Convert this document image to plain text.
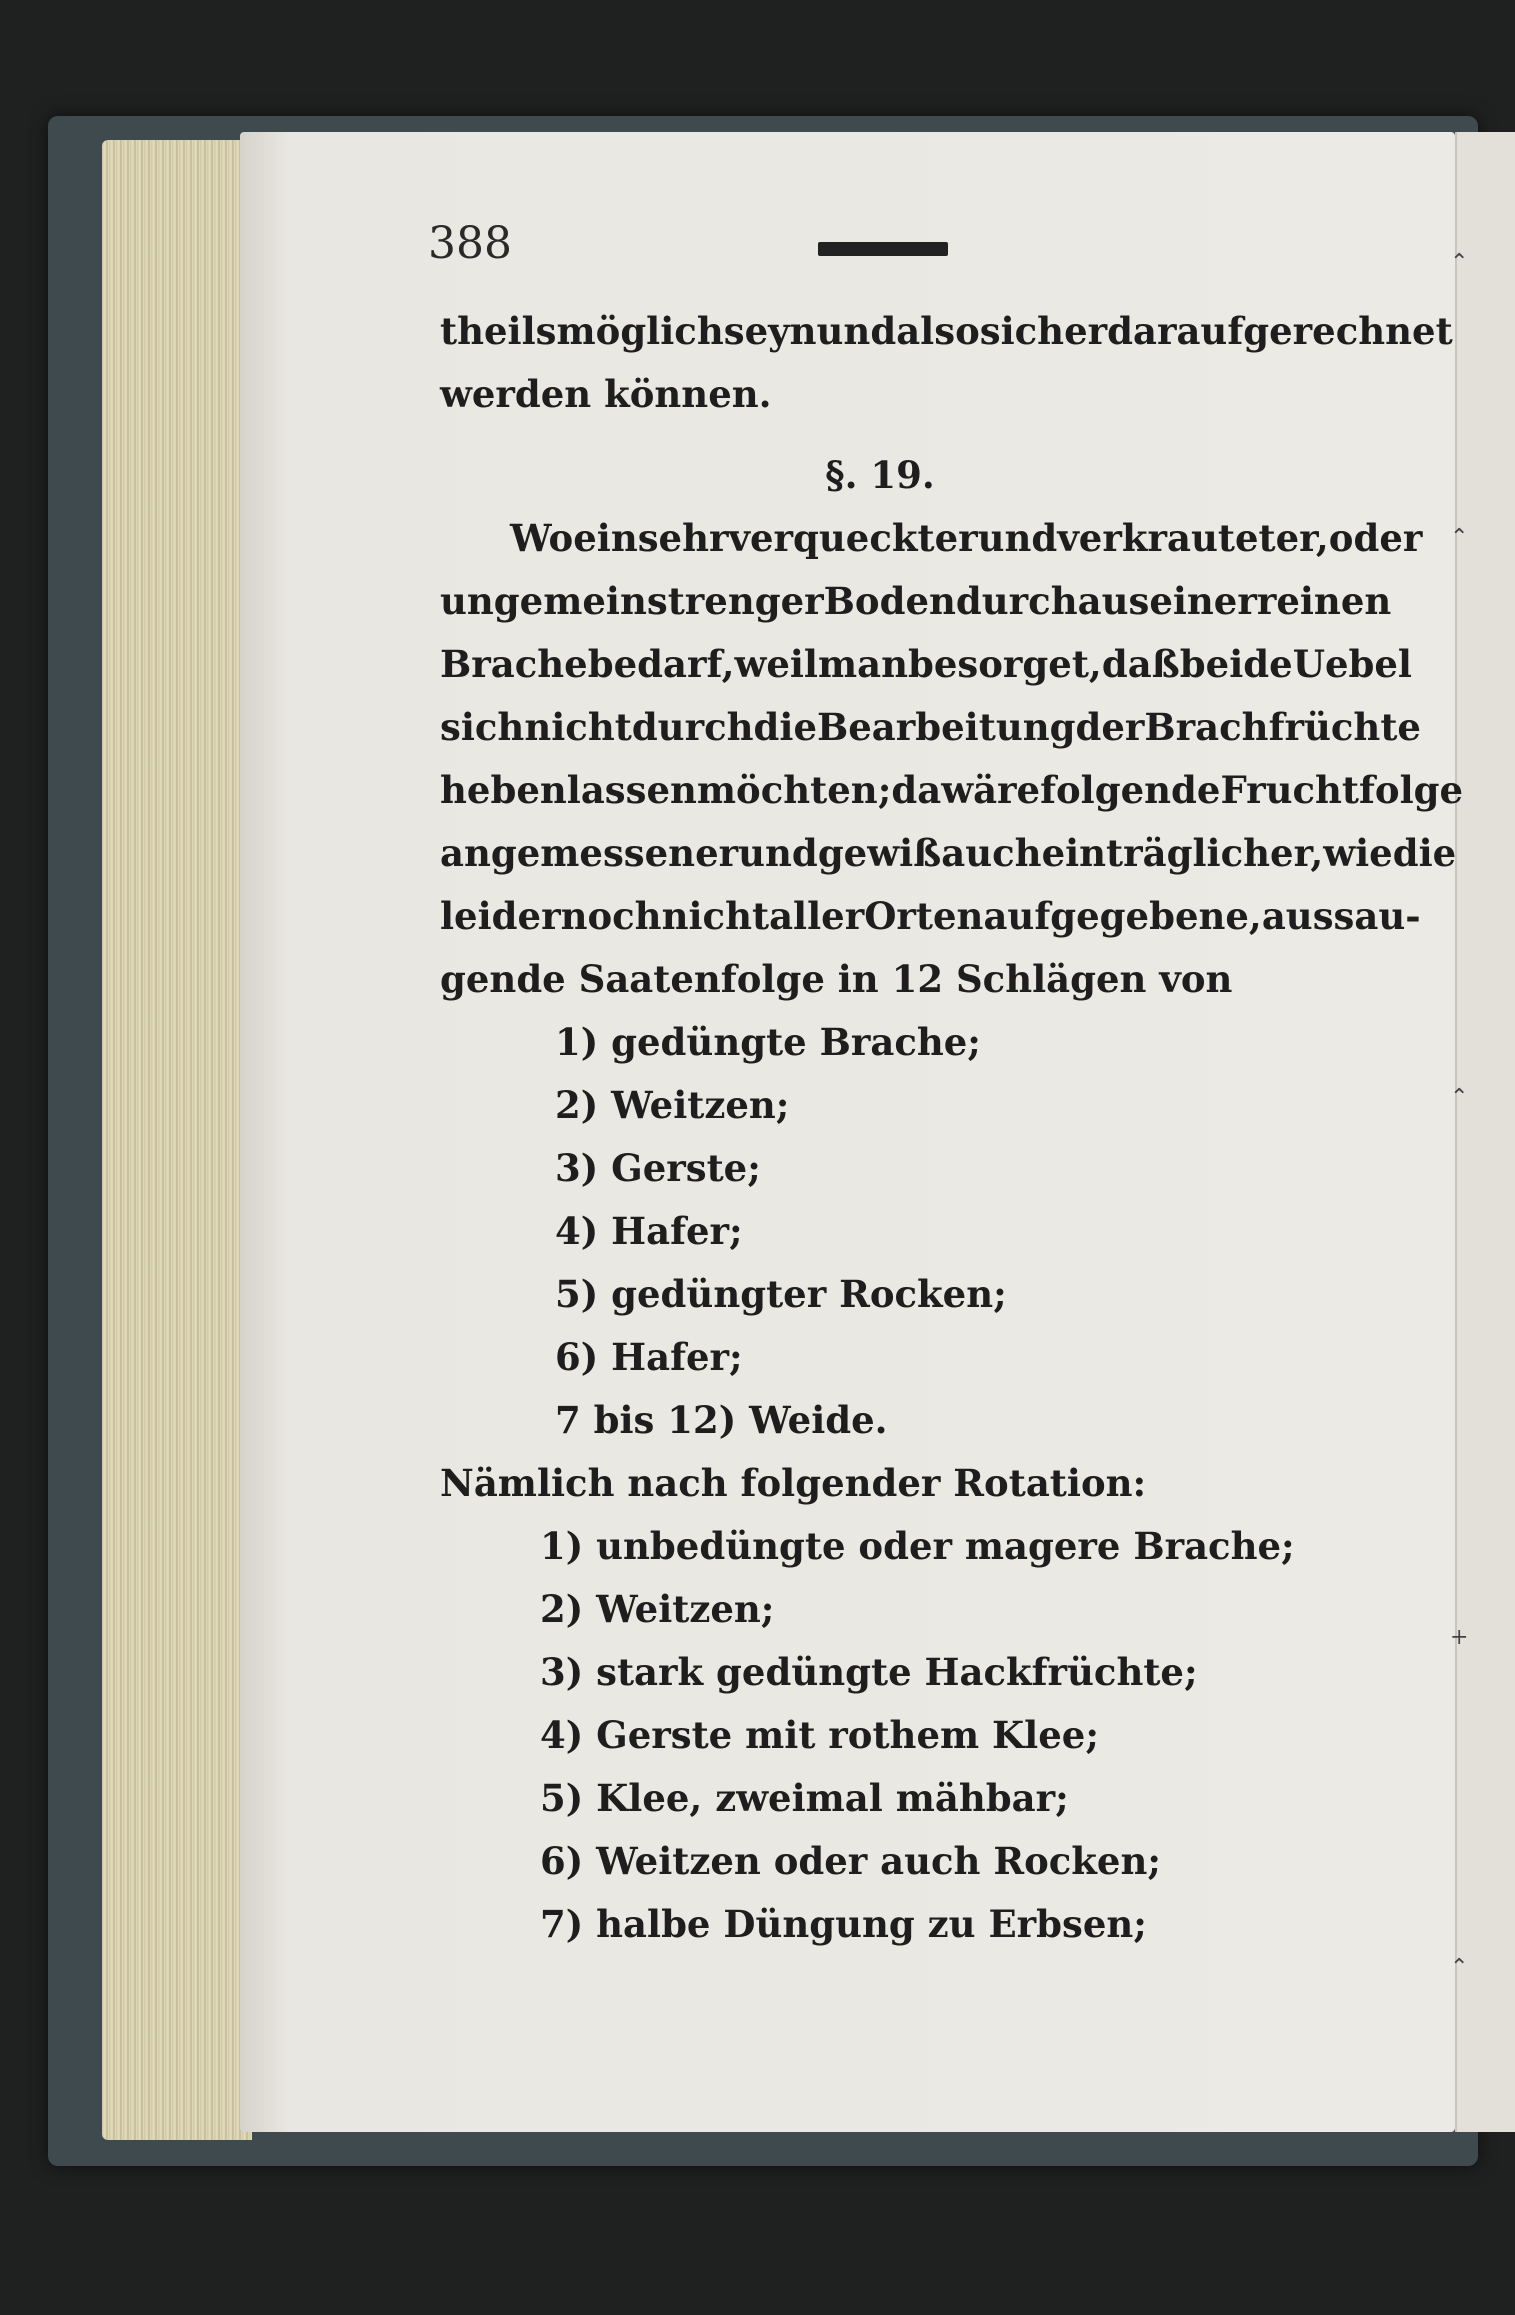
388
theils möglich seyn und also sicher darauf gerechnet
werden können.
§. 19.
Wo ein sehr verqueckter und verkrauteter, oder
ungemein strenger Boden durchaus einer reinen
Brache bedarf, weil man besorget, daß beide Uebel
sich nicht durch die Bearbeitung der Brachfrüchte
heben lassen möchten; da wäre folgende Fruchtfolge
angemessener und gewiß auch einträglicher, wie die
leider noch nicht aller Orten aufgegebene, aussau-
gende Saatenfolge in 12 Schlägen von
1) gedüngte Brache;
2) Weitzen;
3) Gerste;
4) Hafer;
5) gedüngter Rocken;
6) Hafer;
7 bis 12) Weide.
Nämlich nach folgender Rotation:
1) unbedüngte oder magere Brache;
2) Weitzen;
3) stark gedüngte Hackfrüchte;
4) Gerste mit rothem Klee;
5) Klee, zweimal mähbar;
6) Weitzen oder auch Rocken;
7) halbe Düngung zu Erbsen;
⌃
⌃
⌃
+
⌃
